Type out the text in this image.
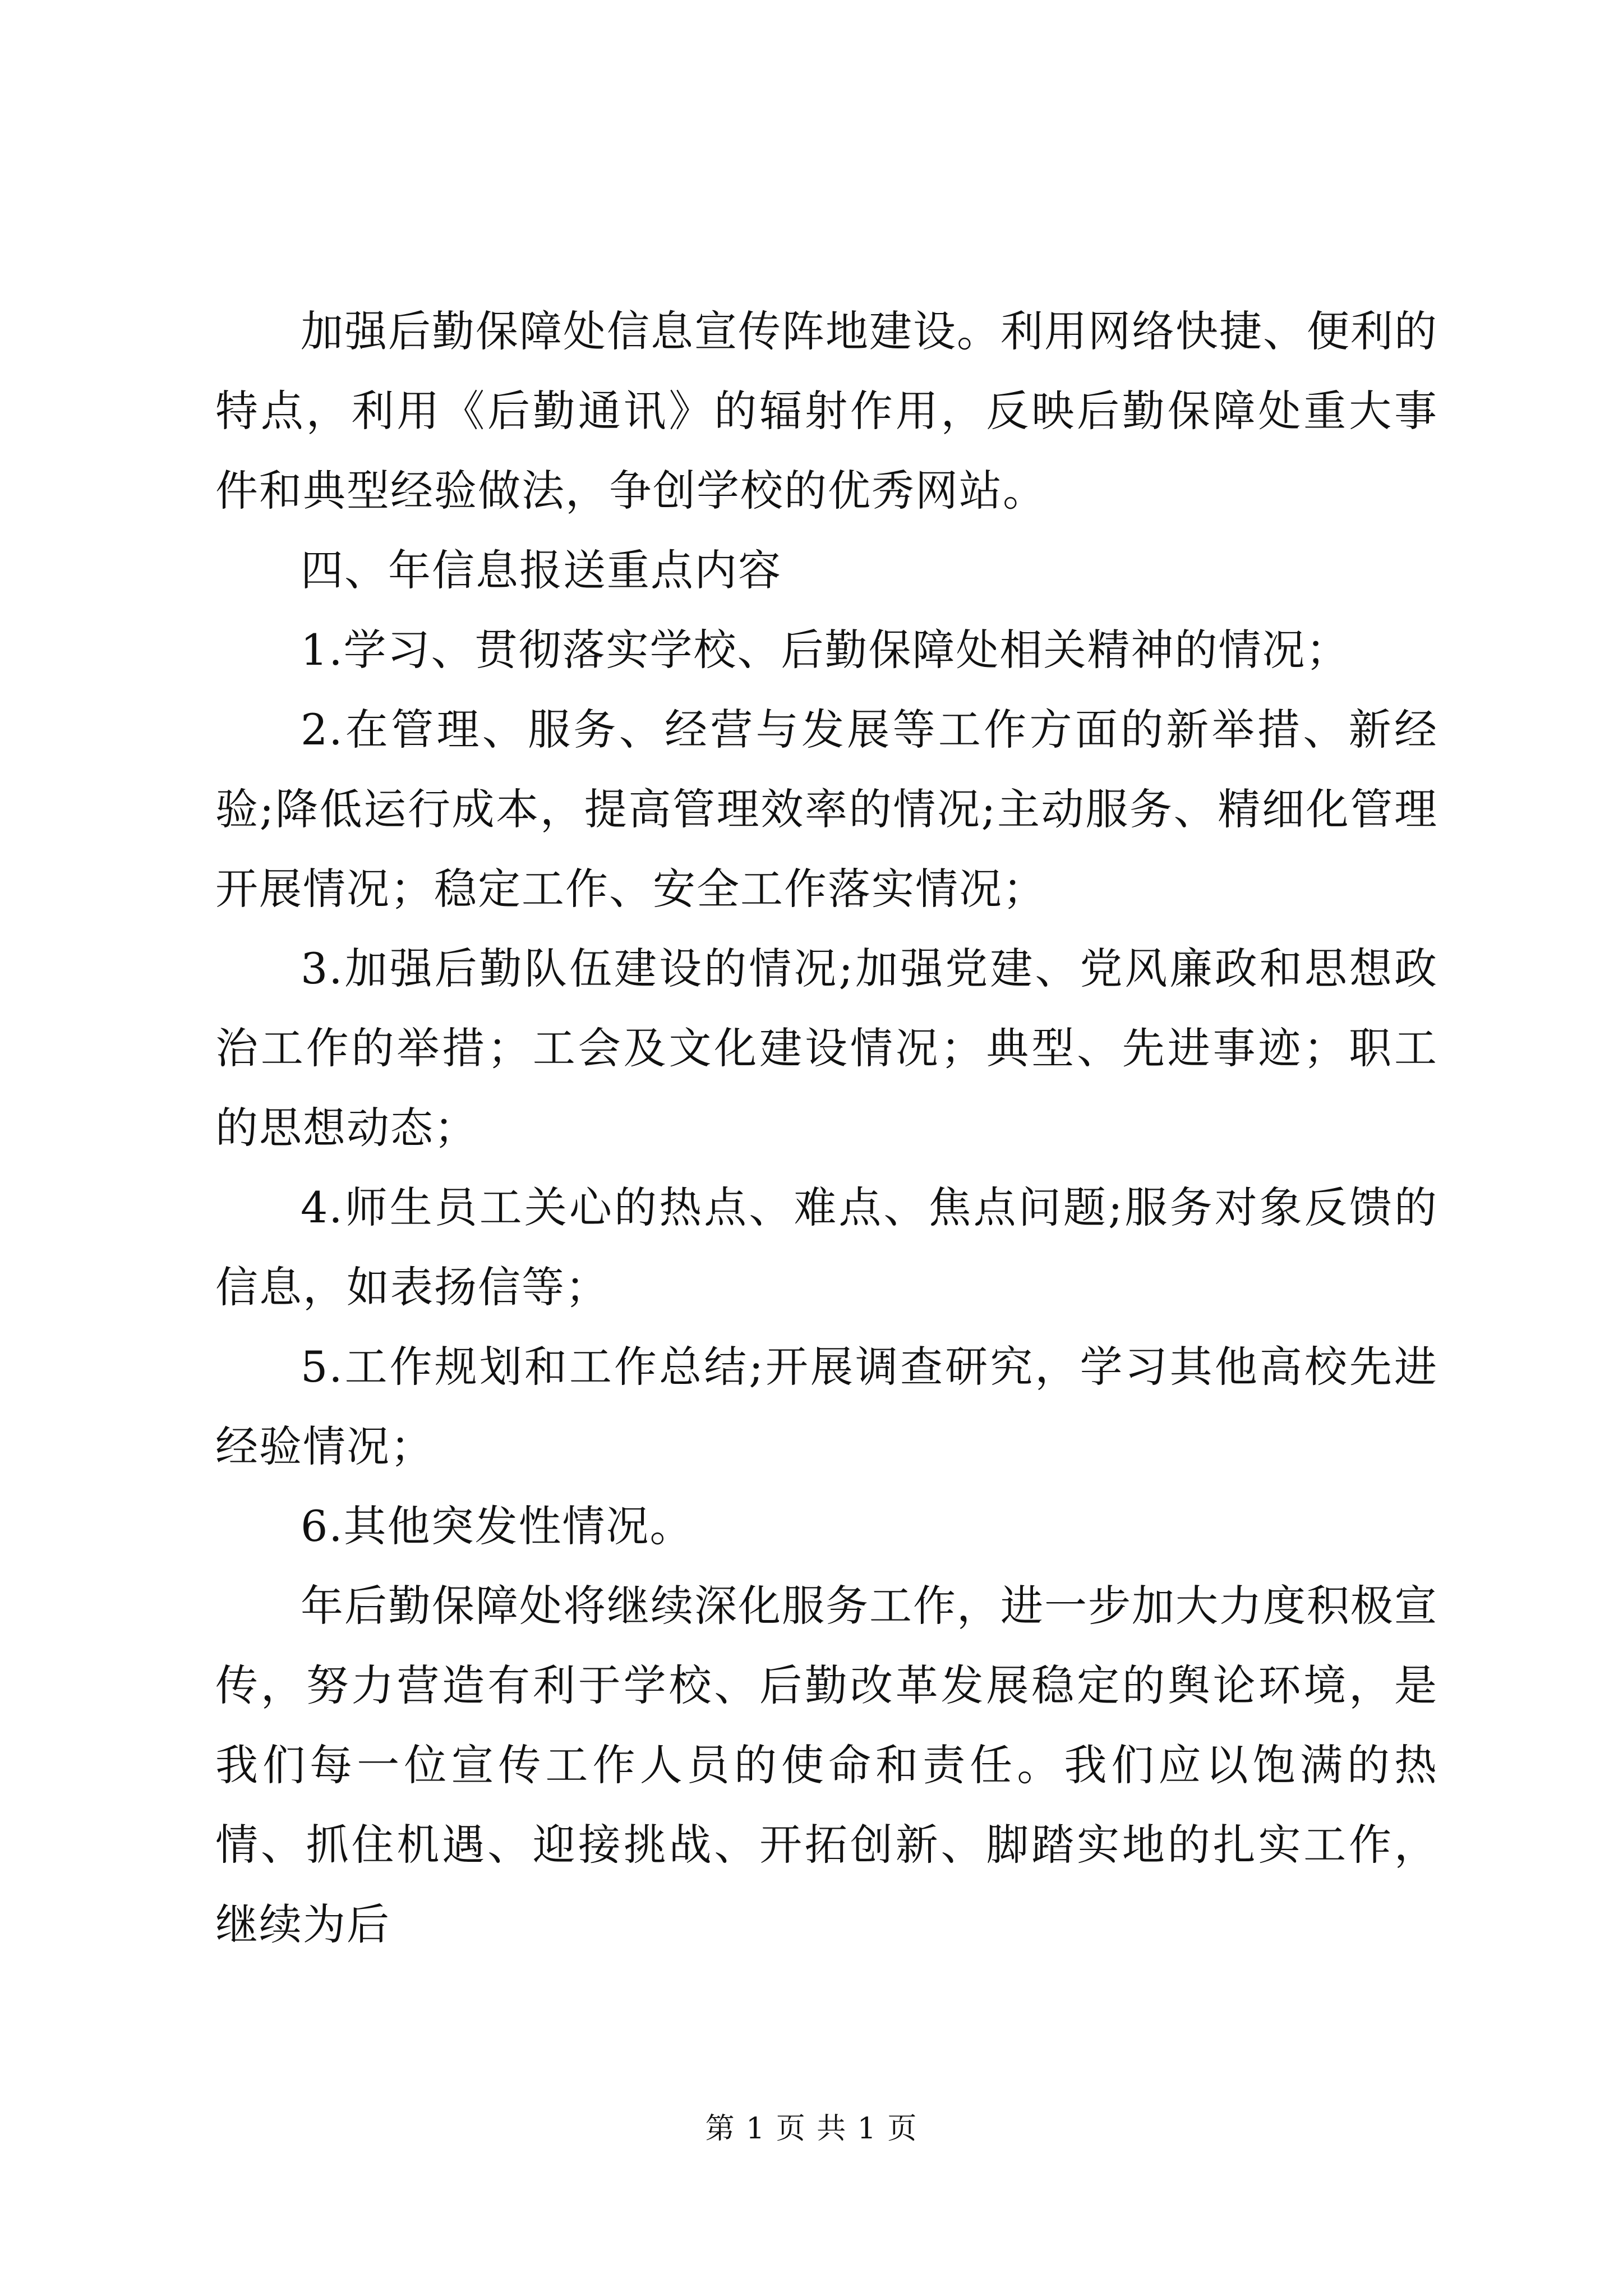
加强后勤保障处信息宣传阵地建设。利用网络快捷、便利的特点，利用《后勤通讯》的辐射作用，反映后勤保障处重大事件和典型经验做法，争创学校的优秀网站。

四、年信息报送重点内容

1.学习、贯彻落实学校、后勤保障处相关精神的情况；

2.在管理、服务、经营与发展等工作方面的新举措、新经验;降低运行成本，提高管理效率的情况;主动服务、精细化管理开展情况；稳定工作、安全工作落实情况；

3.加强后勤队伍建设的情况;加强党建、党风廉政和思想政治工作的举措；工会及文化建设情况；典型、先进事迹；职工的思想动态；

4.师生员工关心的热点、难点、焦点问题;服务对象反馈的信息，如表扬信等；

5.工作规划和工作总结;开展调查研究，学习其他高校先进经验情况；

6.其他突发性情况。

年后勤保障处将继续深化服务工作，进一步加大力度积极宣传，努力营造有利于学校、后勤改革发展稳定的舆论环境，是我们每一位宣传工作人员的使命和责任。我们应以饱满的热情、抓住机遇、迎接挑战、开拓创新、脚踏实地的扎实工作，继续为后

第 1 页 共 1 页
